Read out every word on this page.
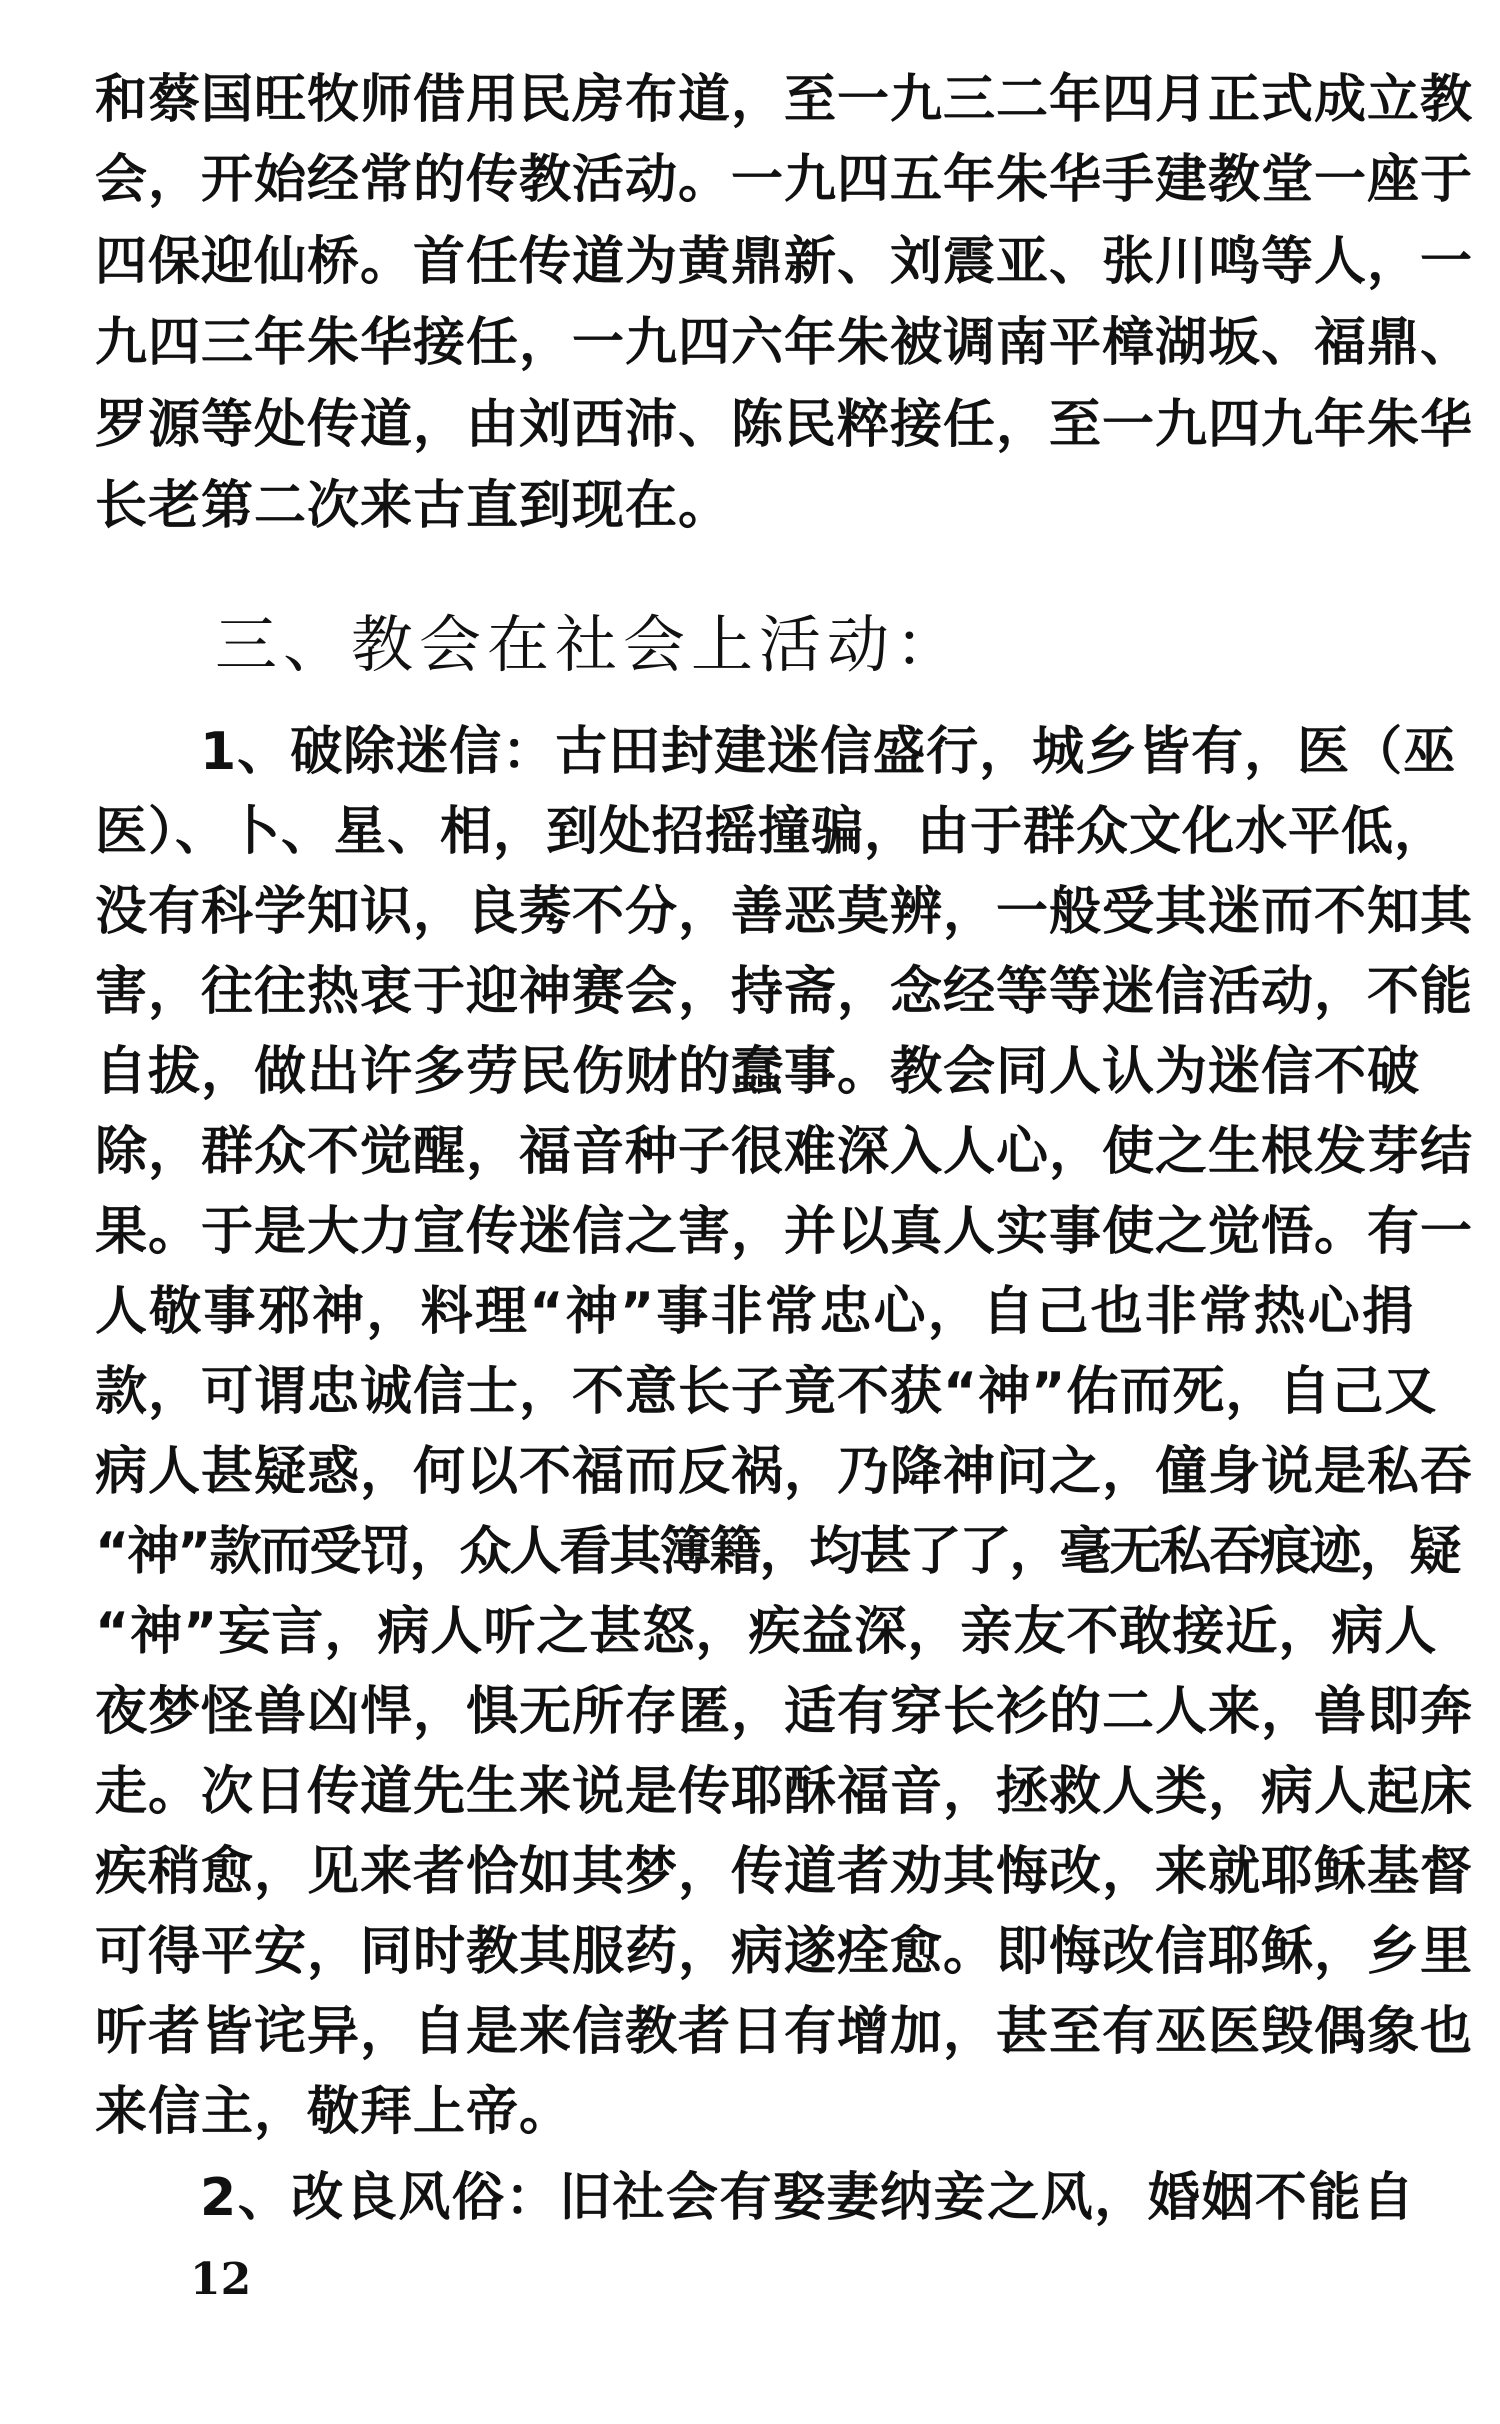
和蔡国旺牧师借用民房布道，至一九三二年四月正式成立教
会，开始经常的传教活动。一九四五年朱华手建教堂一座于
四保迎仙桥。首任传道为黄鼎新、刘震亚、张川鸣等人，一
九四三年朱华接任，一九四六年朱被调南平樟湖坂、福鼎、
罗源等处传道，由刘西沛、陈民粹接任，至一九四九年朱华
长老第二次来古直到现在。
三、教会在社会上活动：
1、破除迷信：古田封建迷信盛行，城乡皆有，医（巫
医）、卜、星、相，到处招摇撞骗，由于群众文化水平低，
没有科学知识，良莠不分，善恶莫辨，一般受其迷而不知其
害，往往热衷于迎神赛会，持斋，念经等等迷信活动，不能
自拔，做出许多劳民伤财的蠢事。教会同人认为迷信不破
除，群众不觉醒，福音种子很难深入人心，使之生根发芽结
果。于是大力宣传迷信之害，并以真人实事使之觉悟。有一
人敬事邪神，料理“神”事非常忠心，自己也非常热心捐
款，可谓忠诚信士，不意长子竟不获“神”佑而死，自己又
病人甚疑惑，何以不福而反祸，乃降神问之，僮身说是私吞
“神”款而受罚，众人看其簿籍，均甚了了，毫无私吞痕迹，疑
“神”妄言，病人听之甚怒，疾益深，亲友不敢接近，病人
夜梦怪兽凶悍，惧无所存匿，适有穿长衫的二人来，兽即奔
走。次日传道先生来说是传耶酥福音，拯救人类，病人起床
疾稍愈，见来者恰如其梦，传道者劝其悔改，来就耶稣基督
可得平安，同时教其服药，病遂痊愈。即悔改信耶稣，乡里
听者皆诧异，自是来信教者日有增加，甚至有巫医毁偶象也
来信主，敬拜上帝。
2、改良风俗：旧社会有娶妻纳妾之风，婚姻不能自
12
